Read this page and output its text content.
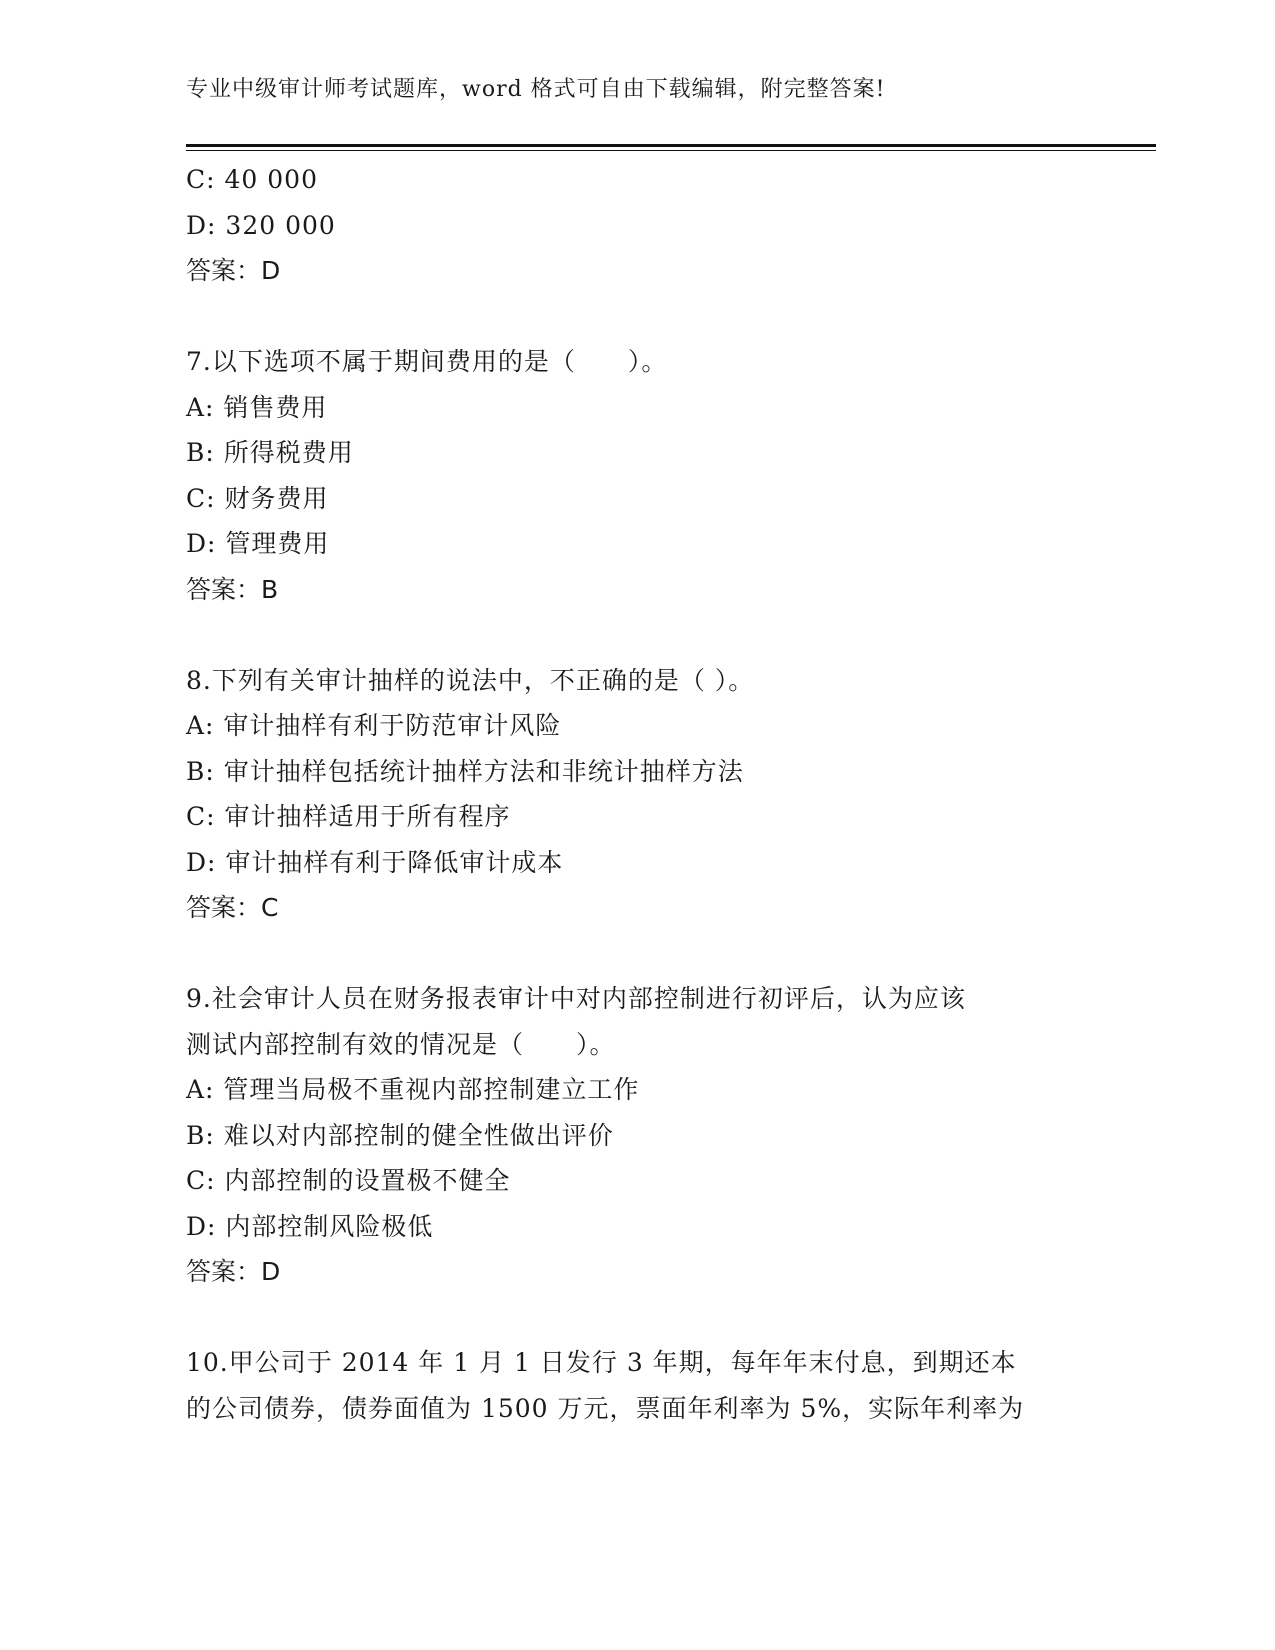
专业中级审计师考试题库，word 格式可自由下载编辑，附完整答案!
C: 40 000
D: 320 000
答案：D
7.以下选项不属于期间费用的是（　　）。
A: 销售费用
B: 所得税费用
C: 财务费用
D: 管理费用
答案：B
8.下列有关审计抽样的说法中，不正确的是（ ）。
A: 审计抽样有利于防范审计风险
B: 审计抽样包括统计抽样方法和非统计抽样方法
C: 审计抽样适用于所有程序
D: 审计抽样有利于降低审计成本
答案：C
9.社会审计人员在财务报表审计中对内部控制进行初评后，认为应该
测试内部控制有效的情况是（　　）。
A: 管理当局极不重视内部控制建立工作
B: 难以对内部控制的健全性做出评价
C: 内部控制的设置极不健全
D: 内部控制风险极低
答案：D
10.甲公司于 2014 年 1 月 1 日发行 3 年期，每年年末付息，到期还本
的公司债券，债券面值为 1500 万元，票面年利率为 5%，实际年利率为
